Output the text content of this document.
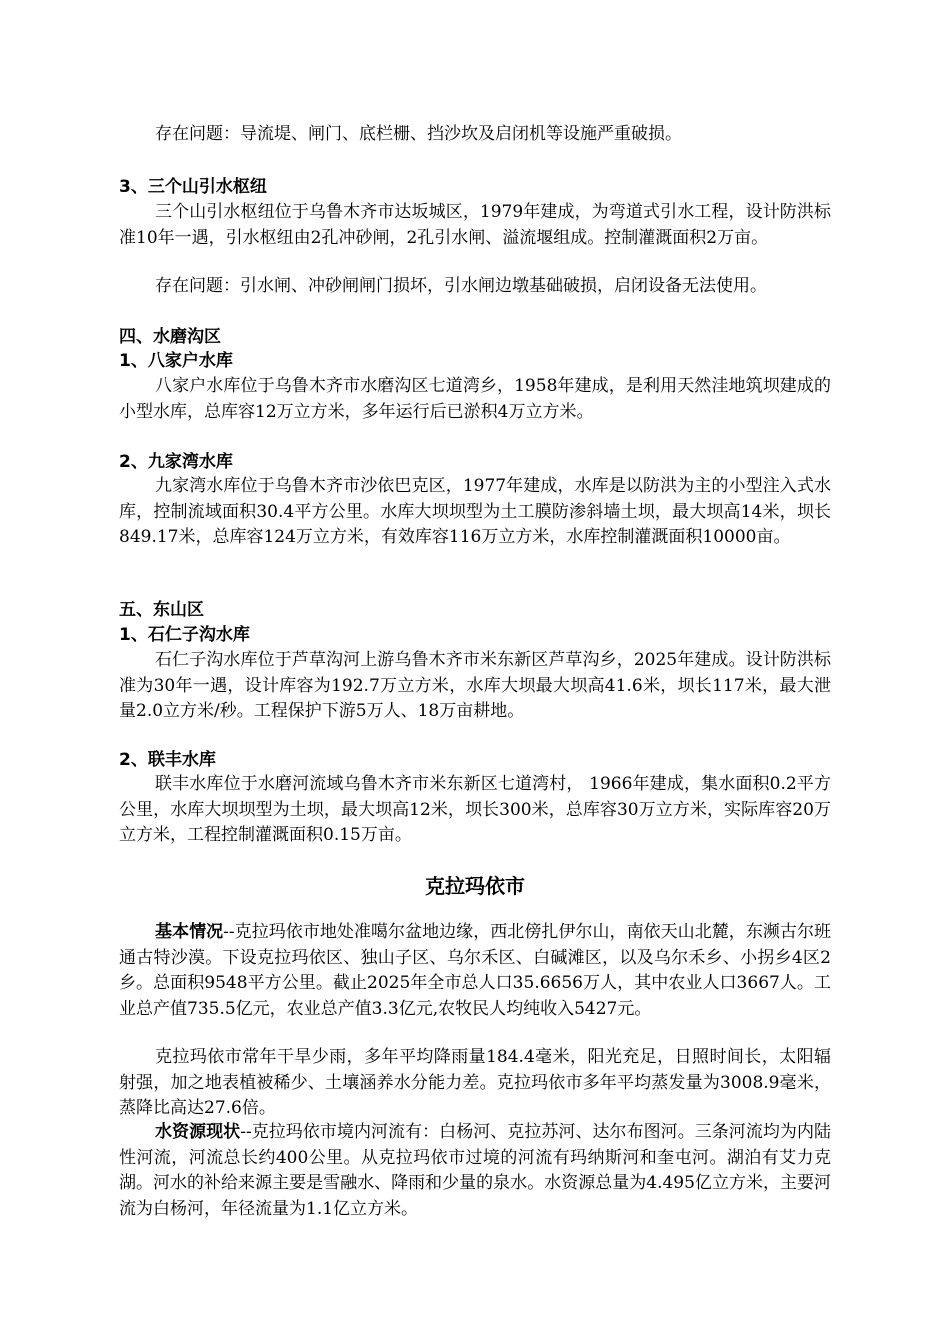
存在问题：导流堤、闸门、底栏栅、挡沙坎及启闭机等设施严重破损。

3、三个山引水枢纽

三个山引水枢纽位于乌鲁木齐市达坂城区，1979年建成，为弯道式引水工程，设计防洪标准10年一遇，引水枢纽由2孔冲砂闸，2孔引水闸、溢流堰组成。控制灌溉面积2万亩。

存在问题：引水闸、冲砂闸闸门损坏，引水闸边墩基础破损，启闭设备无法使用。

四、水磨沟区

1、八家户水库

八家户水库位于乌鲁木齐市水磨沟区七道湾乡，1958年建成，是利用天然洼地筑坝建成的小型水库，总库容12万立方米，多年运行后已淤积4万立方米。

2、九家湾水库

九家湾水库位于乌鲁木齐市沙依巴克区，1977年建成，水库是以防洪为主的小型注入式水库，控制流域面积30.4平方公里。水库大坝坝型为土工膜防渗斜墙土坝，最大坝高14米，坝长849.17米，总库容124万立方米，有效库容116万立方米，水库控制灌溉面积10000亩。

五、东山区

1、石仁子沟水库

石仁子沟水库位于芦草沟河上游乌鲁木齐市米东新区芦草沟乡，2025年建成。设计防洪标准为30年一遇，设计库容为192.7万立方米，水库大坝最大坝高41.6米，坝长117米，最大泄量2.0立方米/秒。工程保护下游5万人、18万亩耕地。

2、联丰水库

联丰水库位于水磨河流域乌鲁木齐市米东新区七道湾村， 1966年建成，集水面积0.2平方公里，水库大坝坝型为土坝，最大坝高12米，坝长300米，总库容30万立方米，实际库容20万立方米，工程控制灌溉面积0.15万亩。

克拉玛依市

基本情况--克拉玛依市地处准噶尔盆地边缘，西北傍扎伊尔山，南依天山北麓，东濒古尔班通古特沙漠。下设克拉玛依区、独山子区、乌尔禾区、白碱滩区，以及乌尔禾乡、小拐乡4区2乡。总面积9548平方公里。截止2025年全市总人口35.6656万人，其中农业人口3667人。工业总产值735.5亿元，农业总产值3.3亿元,农牧民人均纯收入5427元。

克拉玛依市常年干旱少雨，多年平均降雨量184.4毫米，阳光充足，日照时间长，太阳辐射强，加之地表植被稀少、土壤涵养水分能力差。克拉玛依市多年平均蒸发量为3008.9毫米，蒸降比高达27.6倍。

水资源现状--克拉玛依市境内河流有：白杨河、克拉苏河、达尔布图河。三条河流均为内陆性河流，河流总长约400公里。从克拉玛依市过境的河流有玛纳斯河和奎屯河。湖泊有艾力克湖。河水的补给来源主要是雪融水、降雨和少量的泉水。水资源总量为4.495亿立方米，主要河流为白杨河，年径流量为1.1亿立方米。
